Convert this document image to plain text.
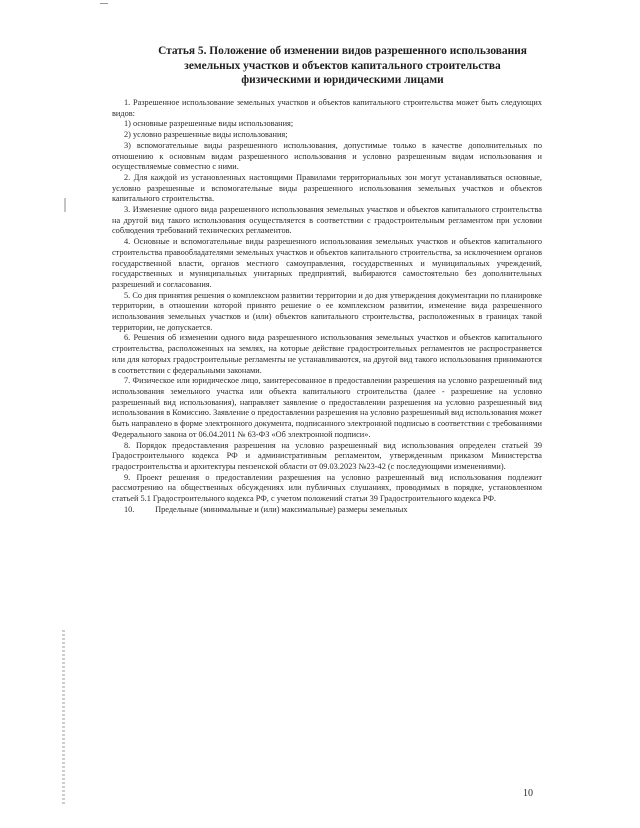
Статья 5. Положение об изменении видов разрешенного использования
земельных участков и объектов капитального строительства
физическими и юридическими лицами

1. Разрешенное использование земельных участков и объектов капитального строительства может быть следующих видов:

1) основные разрешенные виды использования;

2) условно разрешенные виды использования;

3) вспомогательные виды разрешенного использования, допустимые только в качестве дополнительных по отношению к основным видам разрешенного использования и условно разрешенным видам использования и осуществляемые совместно с ними.

2. Для каждой из установленных настоящими Правилами территориальных зон могут устанавливаться основные, условно разрешенные и вспомогательные виды разрешенного использования земельных участков и объектов капитального строительства.

3. Изменение одного вида разрешенного использования земельных участков и объектов капитального строительства на другой вид такого использования осуществляется в соответствии с градостроительным регламентом при условии соблюдения требований технических регламентов.

4. Основные и вспомогательные виды разрешенного использования земельных участков и объектов капитального строительства правообладателями земельных участков и объектов капитального строительства, за исключением органов государственной власти, органов местного самоуправления, государственных и муниципальных учреждений, государственных и муниципальных унитарных предприятий, выбираются самостоятельно без дополнительных разрешений и согласования.

5. Со дня принятия решения о комплексном развитии территории и до дня утверждения документации по планировке территории, в отношении которой принято решение о ее комплексном развитии, изменение вида разрешенного использования земельных участков и (или) объектов капитального строительства, расположенных в границах такой территории, не допускается.

6. Решения об изменении одного вида разрешенного использования земельных участков и объектов капитального строительства, расположенных на землях, на которые действие градостроительных регламентов не распространяется или для которых градостроительные регламенты не устанавливаются, на другой вид такого использования принимаются в соответствии с федеральными законами.

7. Физическое или юридическое лицо, заинтересованное в предоставлении разрешения на условно разрешенный вид использования земельного участка или объекта капитального строительства (далее - разрешение на условно разрешенный вид использования), направляет заявление о предоставлении разрешения на условно разрешенный вид использования в Комиссию. Заявление о предоставлении разрешения на условно разрешенный вид использования может быть направлено в форме электронного документа, подписанного электронной подписью в соответствии с требованиями Федерального закона от 06.04.2011 № 63-ФЗ «Об электронной подписи».

8. Порядок предоставления разрешения на условно разрешенный вид использования определен статьей 39 Градостроительного кодекса РФ и административным регламентом, утвержденным приказом Министерства градостроительства и архитектуры пензенской области от 09.03.2023 №23-42 (с последующими изменениями).

9. Проект решения о предоставлении разрешения на условно разрешенный вид использования подлежит рассмотрению на общественных обсуждениях или публичных слушаниях, проводимых в порядке, установленном статьей 5.1 Градостроительного кодекса РФ, с учетом положений статьи 39 Градостроительного кодекса РФ.

10.          Предельные (минимальные и (или) максимальные) размеры земельных

10
